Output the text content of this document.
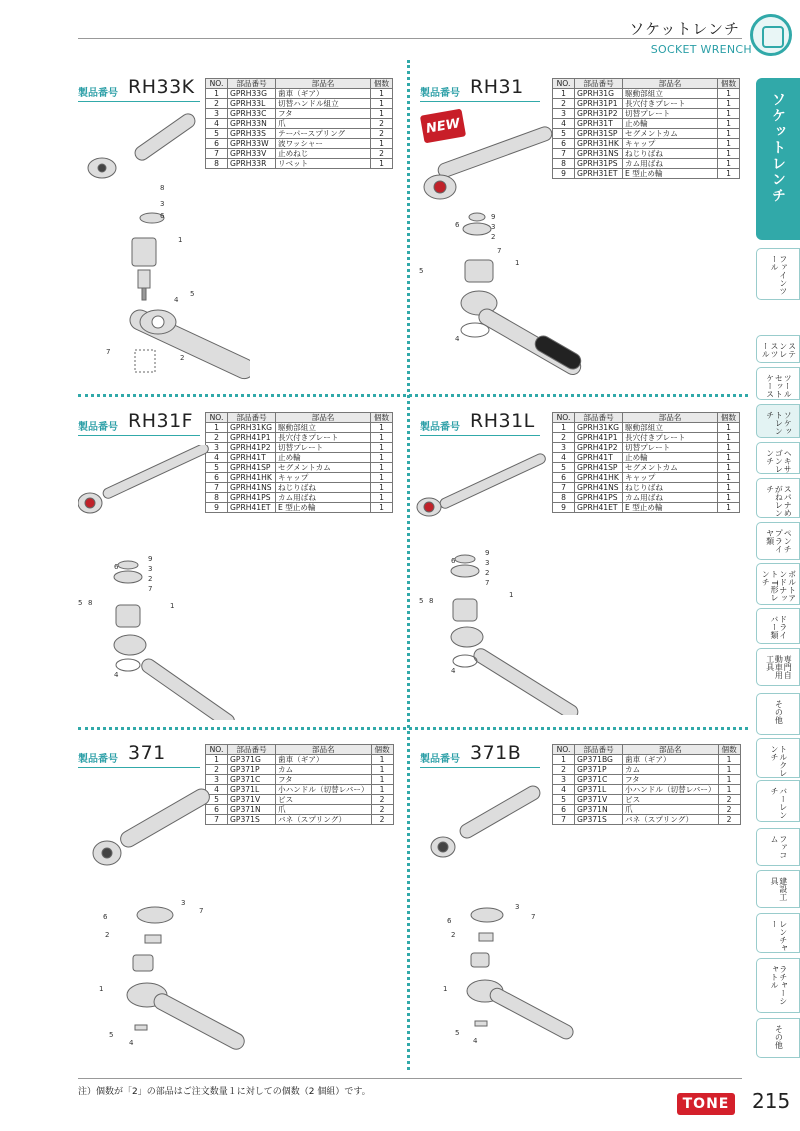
ソケットレンチ
SOCKET WRENCH
ソケットレンチ
ファインツール
ステンレスツール
ツールセットケース
ソケットレンチ
ヘキサゴンレンチ
スパナめがねレンチ
ペンチ プライヤ類
ボルトアンドナット T形レンチ
ドライバー類
専門自動車用工具
その他
トルクレンチ
バーレンチ
ファコム
建設工具
レンチャー
ラチャーシャトル
その他
NEW
製品番号 RH33K NO.	部品番号	部品名	個数
1	GPRH33G	歯車（ギア）	1
2	GPRH33L	切替ハンドル組立	1
3	GPRH33C	フタ	1
4	GPRH33N	爪	2
5	GPRH33S	テーパースプリング	2
6	GPRH33W	波ワッシャー	1
7	GPRH33V	止めねじ	2
8	GPRH33R	リベット	1
製品番号 RH31	NO.	部品番号	部品名	個数
1	GPRH31G	駆動部組立	1
2	GPRH31P1	長穴付きプレート	1
3	GPRH31P2	切替プレート	1
4	GPRH31T	止め輪	1
5	GPRH31SP	セグメントカム	1
6	GPRH31HK	キャップ	1
7	GPRH31NS	ねじりばね	1
8	GPRH31PS	カム用ばね	1
9	GPRH31ET	E 型止め輪	1
製品番号 RH31F NO.	部品番号	部品名	個数
1	GPRH31KG	駆動部組立	1
2	GPRH41P1	長穴付きプレート	1
3	GPRH41P2	切替プレート	1
4	GPRH41T	止め輪	1
5	GPRH41SP	セグメントカム	1
6	GPRH41HK	キャップ	1
7	GPRH41NS	ねじりばね	1
8	GPRH41PS	カム用ばね	1
9	GPRH41ET	E 型止め輪	1
製品番号 RH31L	NO.	部品番号	部品名	個数
1	GPRH31KG	駆動部組立	1
2	GPRH41P1	長穴付きプレート	1
3	GPRH41P2	切替プレート	1
4	GPRH41T	止め輪	1
5	GPRH41SP	セグメントカム	1
6	GPRH41HK	キャップ	1
7	GPRH41NS	ねじりばね	1
8	GPRH41PS	カム用ばね	1
9	GPRH41ET	E 型止め輪	1
製品番号 371	NO.	部品番号	部品名	個数
1	GP371G	歯車（ギア）	1
2	GP371P	カム	1
3	GP371C	フタ	1
4	GP371L	小ハンドル（切替レバー）	1
5	GP371V	ビス	2
6	GP371N	爪	2
7	GP371S	バネ（スプリング）	2
製品番号 371B	NO.	部品番号	部品名	個数
1	GP371BG	歯車（ギア）	1
2	GP371P	カム	1
3	GP371C	フタ	1
4	GP371L	小ハンドル（切替レバー）	1
5	GP371V	ビス	2
6	GP371N	爪	2
7	GP371S	バネ（スプリング）	2
8
3
6
1
5
4
7
2
9
3
2
6
1
5
4
7
9
3
2
7
6
1
5 8
4
9
3
2
7
6
1
5 8
4
3
7
6
2
1
5
4
3
7
6
2
1
5
4
注）個数が「2」の部品はご注文数量１に対しての個数（2 個組）です。
TONE 215
